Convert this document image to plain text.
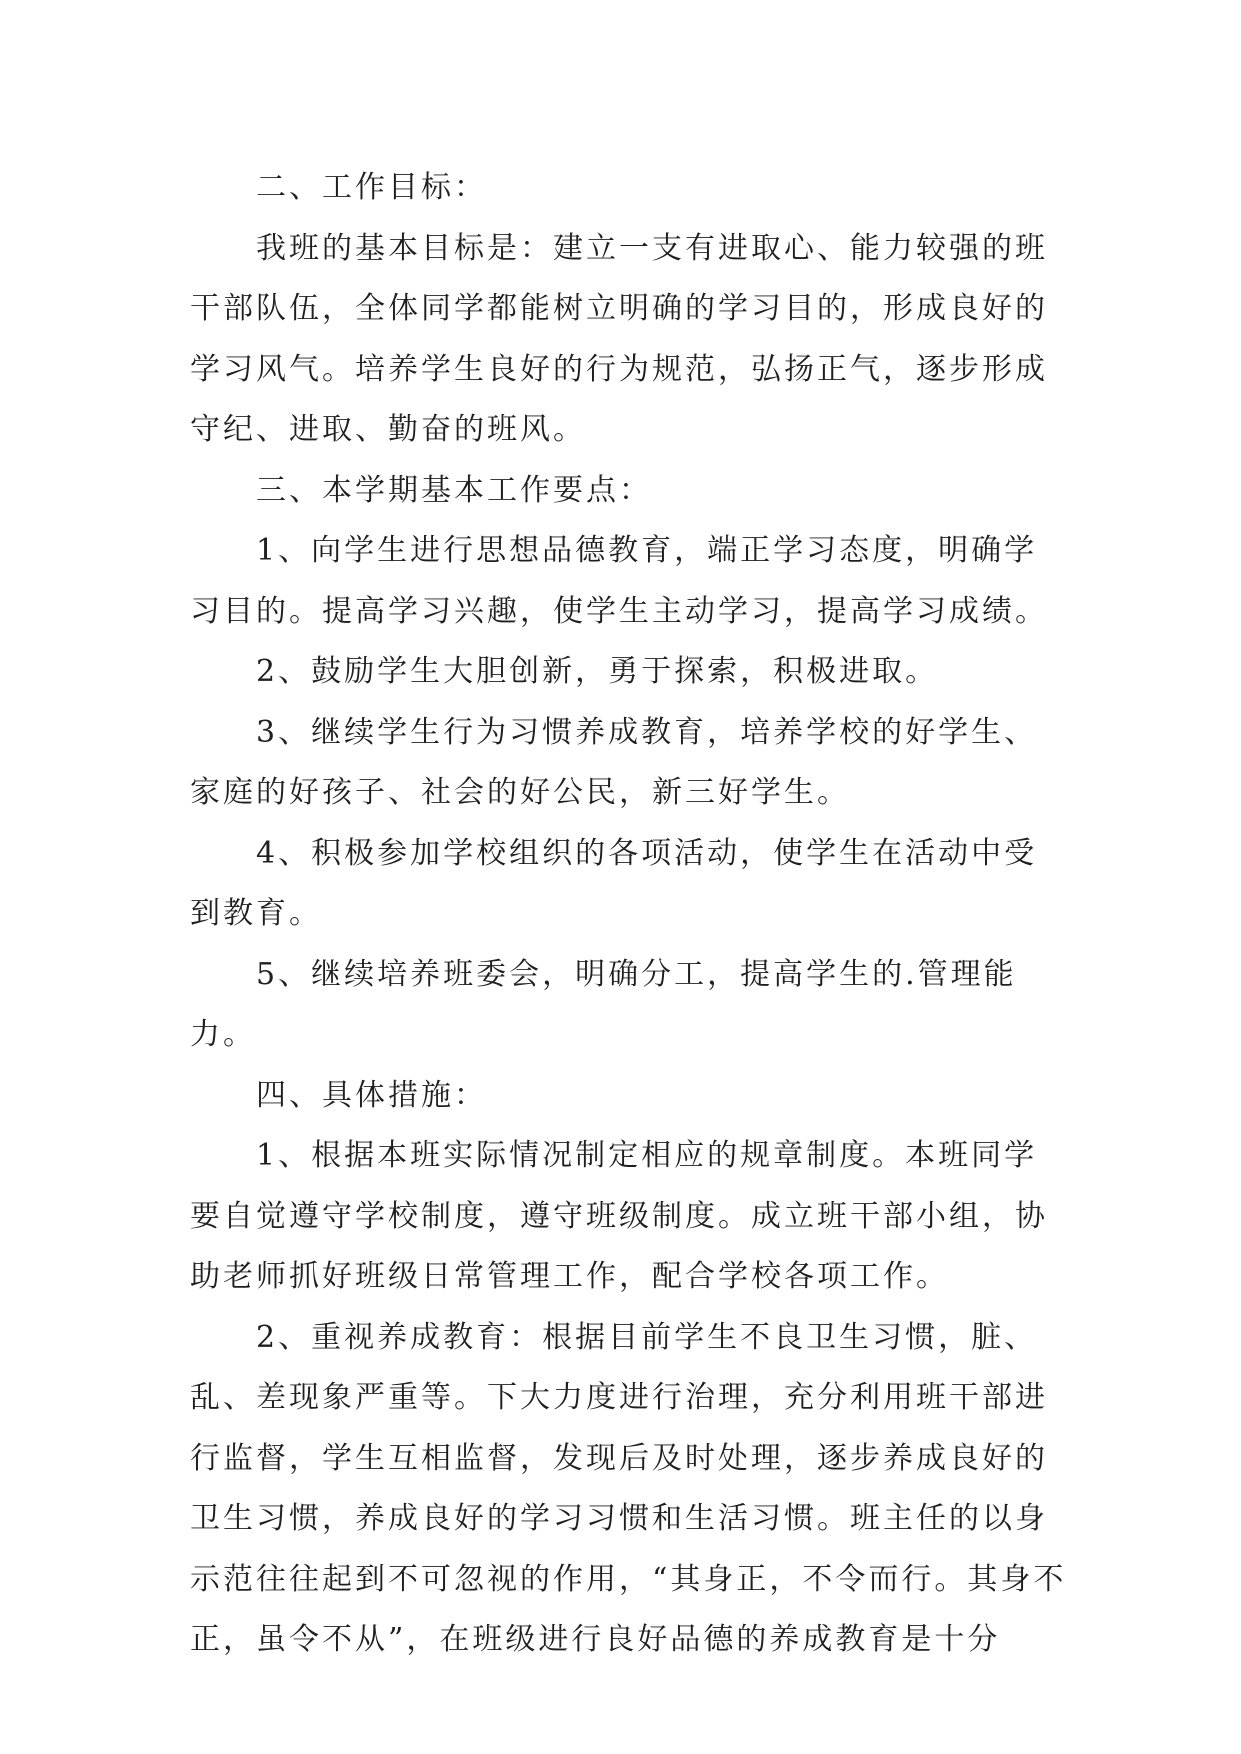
二、工作目标：

我班的基本目标是：建立一支有进取心、能力较强的班干部队伍，全体同学都能树立明确的学习目的，形成良好的学习风气。培养学生良好的行为规范，弘扬正气，逐步形成守纪、进取、勤奋的班风。

三、本学期基本工作要点：

1、向学生进行思想品德教育，端正学习态度，明确学习目的。提高学习兴趣，使学生主动学习，提高学习成绩。

2、鼓励学生大胆创新，勇于探索，积极进取。

3、继续学生行为习惯养成教育，培养学校的好学生、家庭的好孩子、社会的好公民，新三好学生。

4、积极参加学校组织的各项活动，使学生在活动中受到教育。

5、继续培养班委会，明确分工，提高学生的.管理能力。

四、具体措施：

1、根据本班实际情况制定相应的规章制度。本班同学要自觉遵守学校制度，遵守班级制度。成立班干部小组，协助老师抓好班级日常管理工作，配合学校各项工作。

2、重视养成教育：根据目前学生不良卫生习惯，脏、乱、差现象严重等。下大力度进行治理，充分利用班干部进行监督，学生互相监督，发现后及时处理，逐步养成良好的卫生习惯，养成良好的学习习惯和生活习惯。班主任的以身示范往往起到不可忽视的作用，“其身正，不令而行。其身不正，虽令不从”，在班级进行良好品德的养成教育是十分
